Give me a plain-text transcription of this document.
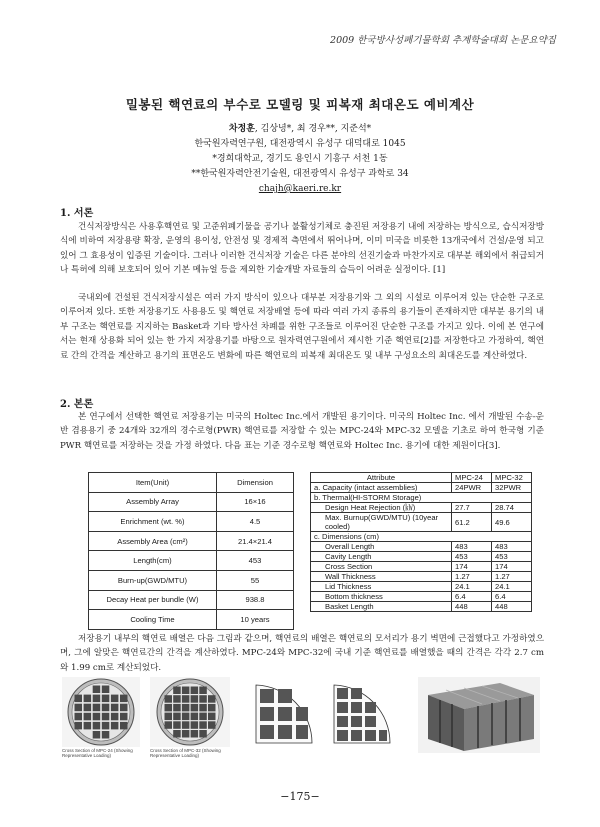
2009 한국방사성폐기물학회 추계학술대회 논문요약집
밀봉된 핵연료의 부수로 모델링 및 피복재 최대온도 예비계산
차정훈, 김상녕*, 최 경우**, 지준석*
한국원자력연구원, 대전광역시 유성구 대덕대로 1045
*경희대학교, 경기도 용인시 기흥구 서천 1동
**한국원자력안전기술원, 대전광역시 유성구 과학로 34
chajh@kaeri.re.kr
1. 서론
건식저장방식은 사용후핵연료 및 고준위폐기물을 공기나 불활성기체로 충진된 저장용기 내에 저장하는 방식으로, 습식저장방식에 비하여 저장용량 확장, 운영의 용이성, 안전성 및 경제적 측면에서 뛰어나며, 이미 미국을 비롯한 13개국에서 건설/운영 되고 있어 그 효용성이 입증된 기술이다. 그러나 이러한 건식저장 기술은 다른 분야의 선진기술과 마찬가지로 대부분 해외에서 취급되거나 특허에 의해 보호되어 있어 기본 메뉴얼 등을 제외한 기술개발 자료들의 습득이 어려운 실정이다. [1]
국내외에 건설된 건식저장시설은 여러 가지 방식이 있으나 대부분 저장용기와 그 외의 시설로 이루어져 있는 단순한 구조로 이루어져 있다. 또한 저장용기도 사용용도 및 핵연료 저장배열 등에 따라 여러 가지 종류의 용기들이 존재하지만 대부분 용기의 내부 구조는 핵연료를 지지하는 Basket과 기타 방사선 차폐를 위한 구조들로 이루어진 단순한 구조를 가지고 있다. 이에 본 연구에서는 현재 상용화 되어 있는 한 가지 저장용기를 바탕으로 원자력연구원에서 제시한 기준 핵연료[2]를 저장한다고 가정하여, 핵연료 간의 간격을 계산하고 용기의 표면온도 변화에 따른 핵연료의 피복재 최대온도 및 내부 구성요소의 최대온도를 계산하였다.
2. 본론
본 연구에서 선택한 핵연료 저장용기는 미국의 Holtec Inc.에서 개발된 용기이다. 미국의 Holtec Inc. 에서 개발된 수송-운반 겸용용기 중 24개와 32개의 경수로형(PWR) 핵연료를 저장할 수 있는 MPC-24와 MPC-32 모델을 기초로 하여 한국형 기준 PWR 핵연료를 저장하는 것을 가정 하였다. 다음 표는 기준 경수로형 핵연료와 Holtec Inc. 용기에 대한 제원이다[3].
Item(Unit)	Dimension
Assembly Array	16×16
Enrichment (wt. %)	4.5
Assembly Area (cm²)	21.4×21.4
Length(cm)	453
Burn-up(GWD/MTU)	55
Decay Heat per bundle (W)	938.8
Cooling Time	10 years
Attribute	MPC-24	MPC-32
a. Capacity (intact assemblies)	24PWR	32PWR
b. Thermal(HI-STORM Storage)		
Design Heat Rejection (㎾)	27.7	28.74
Max. Burnup(GWD/MTU) (10year cooled)	61.2	49.6
c. Dimensions (cm)		
Overall Length	483	483
Cavity Length	453	453
Cross Section	174	174
Wall Thickness	1.27	1.27
Lid Thickness	24.1	24.1
Bottom thickness	6.4	6.4
Basket Length	448	448
저장용기 내부의 핵연료 배열은 다음 그림과 같으며, 핵연료의 배열은 핵연료의 모서리가 용기 벽면에 근접했다고 가정하였으며, 그에 알맞은 핵연료간의 간격을 계산하였다. MPC-24와 MPC-32에 국내 기준 핵연료를 배열했을 때의 간격은 각각 2.7 cm와 1.99 cm로 계산되었다.
Cross Section of MPC-24 (Showing Representative Loading)
Cross Section of MPC-32 (Showing Representative Loading)
−175−
